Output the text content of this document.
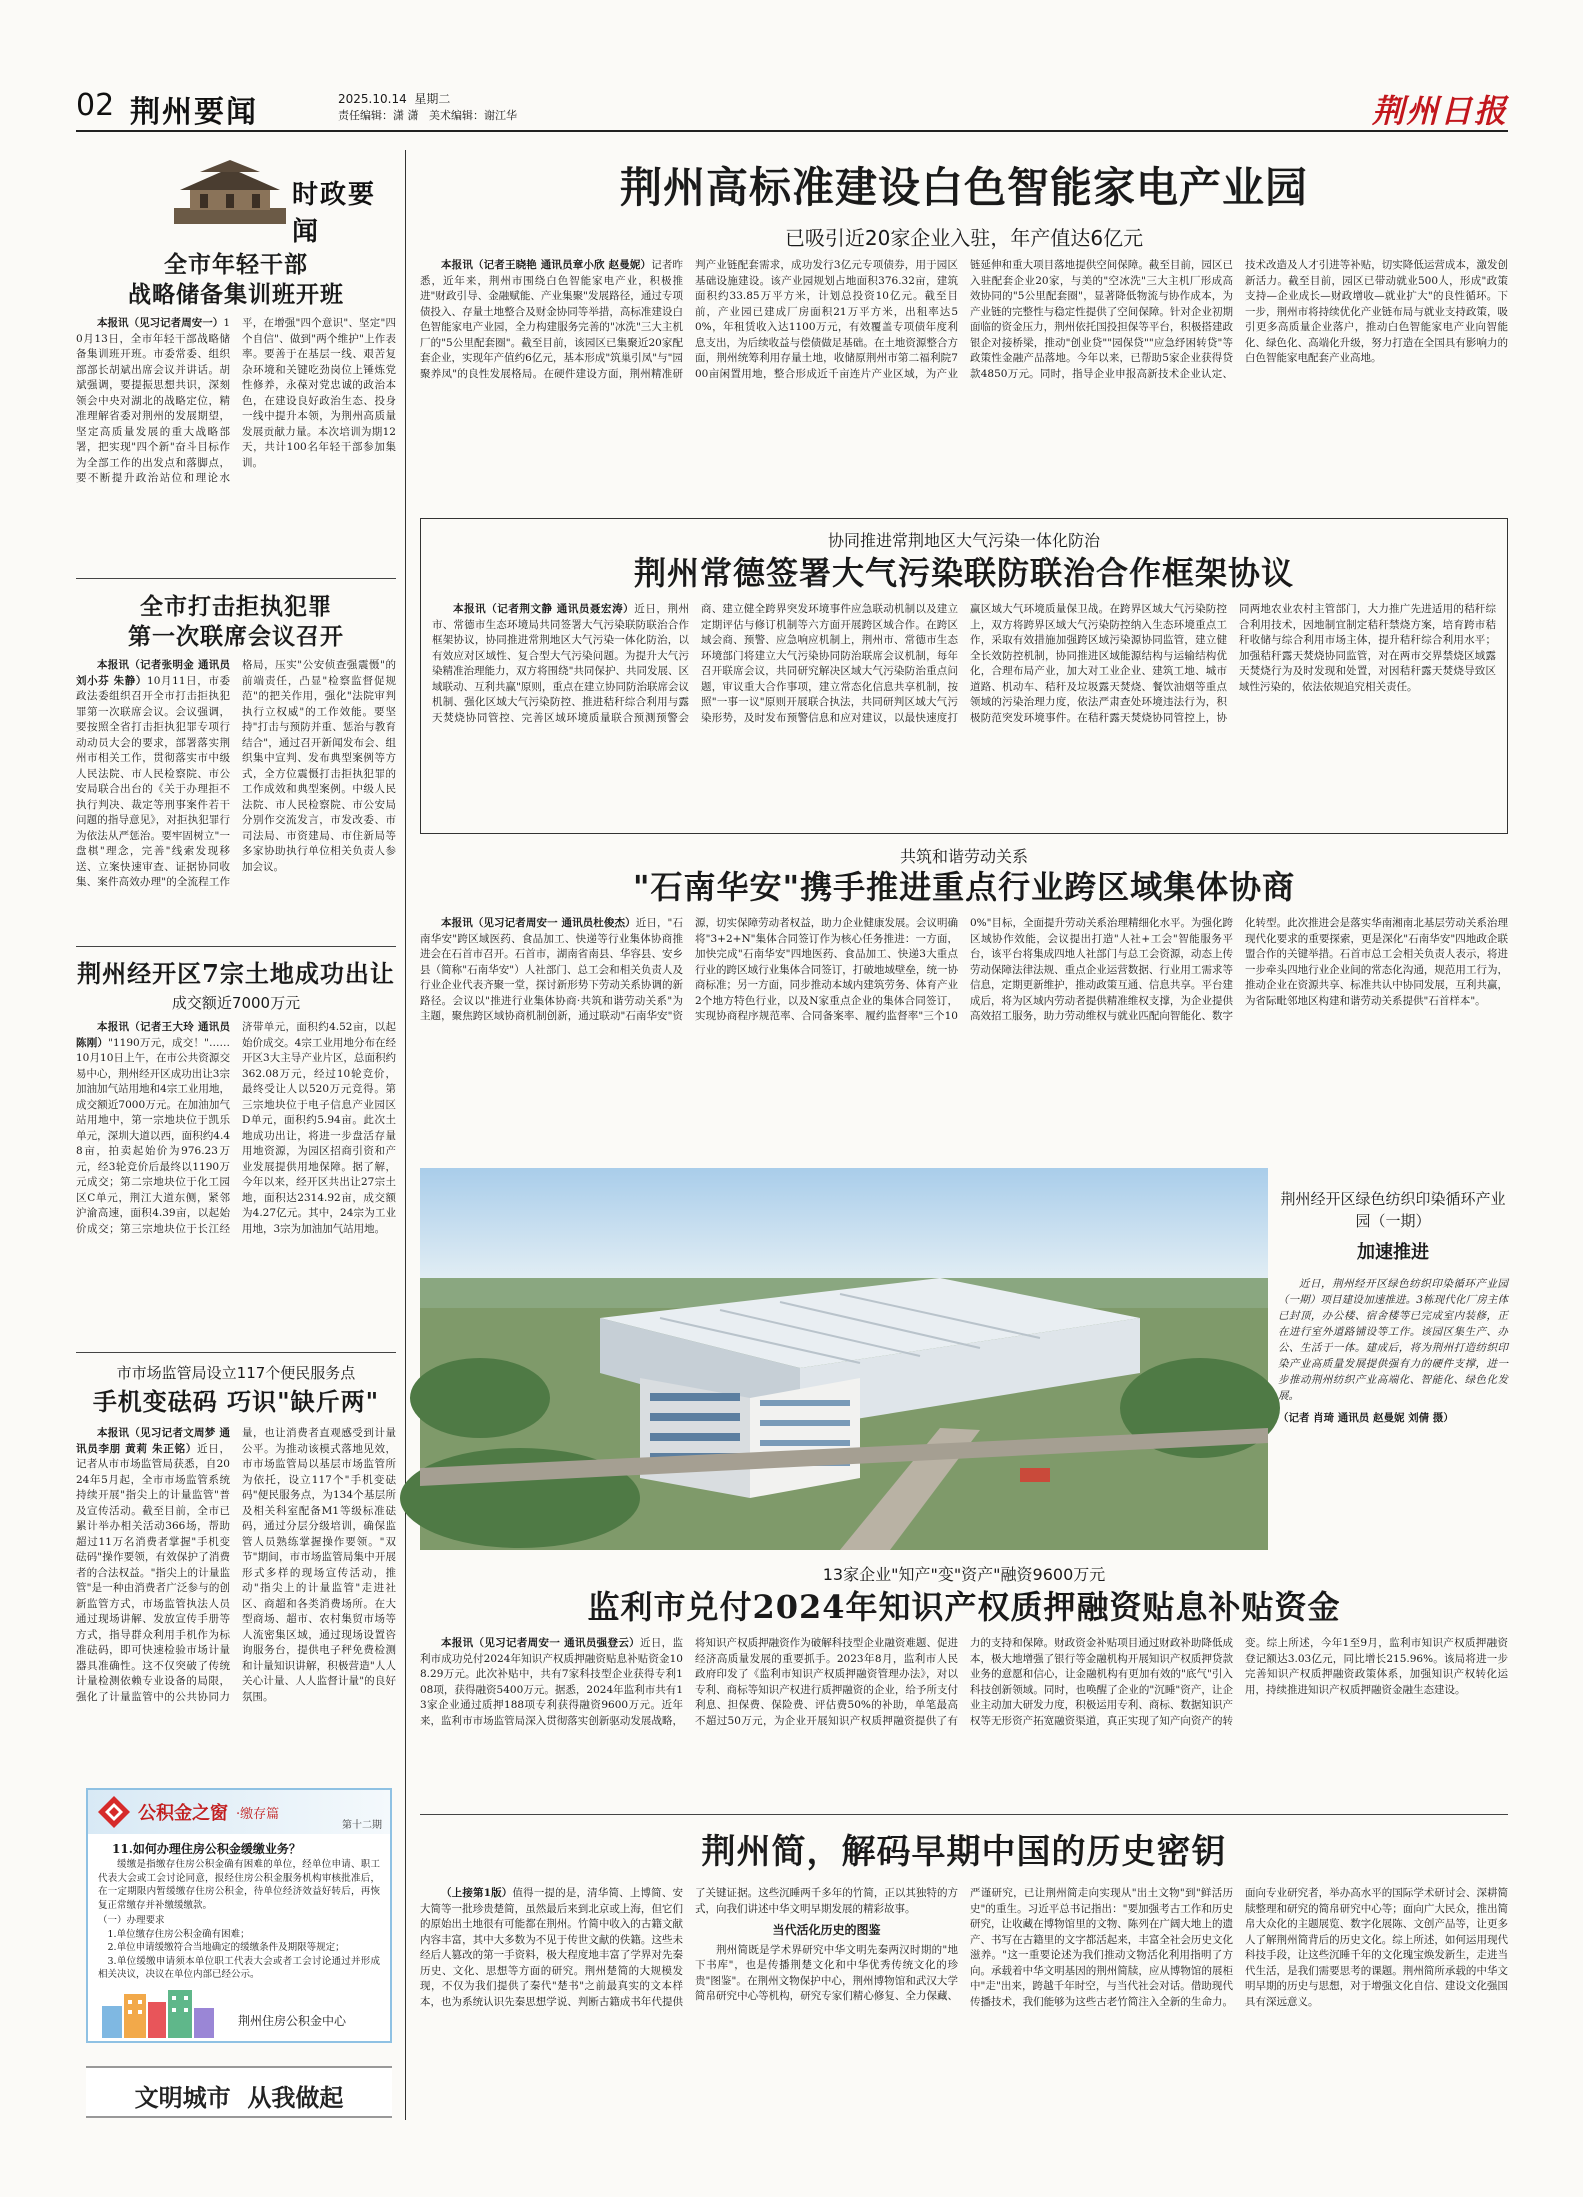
02 荆州要闻	2025.10.14  星期二
责任编辑：潇 潇   美术编辑：谢江华	荆州日报
时政要闻
全市年轻干部
战略储备集训班开班

本报讯（见习记者周安一）10月13日，全市年轻干部战略储备集训班开班。市委常委、组织部部长胡斌出席会议并讲话。胡斌强调，要提振思想共识，深刻领会中央对湖北的战略定位，精准理解省委对荆州的发展期望，坚定高质量发展的重大战略部署，把实现"四个新"奋斗目标作为全部工作的出发点和落脚点，要不断提升政治站位和理论水平，在增强"四个意识"、坚定"四个自信"、做到"两个维护"上作表率。要善于在基层一线、艰苦复杂环境和关键吃劲岗位上锤炼党性修养，永葆对党忠诚的政治本色，在建设良好政治生态、投身一线中提升本领，为荆州高质量发展贡献力量。本次培训为期12天，共计100名年轻干部参加集训。

全市打击拒执犯罪
第一次联席会议召开

本报讯（记者张明金 通讯员刘小芬 朱静）10月11日，市委政法委组织召开全市打击拒执犯罪第一次联席会议。会议强调，要按照全省打击拒执犯罪专项行动动员大会的要求，部署落实荆州市相关工作，贯彻落实市中级人民法院、市人民检察院、市公安局联合出台的《关于办理拒不执行判决、裁定等刑事案件若干问题的指导意见》，对拒执犯罪行为依法从严惩治。要牢固树立"一盘棋"理念，完善"线索发现移送、立案快速审查、证据协同收集、案件高效办理"的全流程工作格局，压实"公安侦查强震慑"的前端责任，凸显"检察监督促规范"的把关作用，强化"法院审判执行立权威"的工作效能。要坚持"打击与预防并重、惩治与教育结合"，通过召开新闻发布会、组织集中宣判、发布典型案例等方式，全方位震慑打击拒执犯罪的工作成效和典型案例。中级人民法院、市人民检察院、市公安局分别作交流发言，市发改委、市司法局、市资建局、市住新局等多家协助执行单位相关负责人参加会议。

荆州经开区7宗土地成功出让
成交额近7000万元

本报讯（记者王大玲 通讯员陈刚）"1190万元，成交！"……10月10日上午，在市公共资源交易中心，荆州经开区成功出让3宗加油加气站用地和4宗工业用地，成交额近7000万元。在加油加气站用地中，第一宗地块位于凯乐单元，深圳大道以西，面积约4.48亩，拍卖起始价为976.23万元，经3轮竞价后最终以1190万元成交；第二宗地块位于化工园区C单元，荆江大道东侧，紧邻沪渝高速，面积4.39亩，以起始价成交；第三宗地块位于长江经济带单元，面积约4.52亩，以起始价成交。4宗工业用地分布在经开区3大主导产业片区，总面积约362.08万元，经过10轮竞价，最终受让人以520万元竞得。第三宗地块位于电子信息产业园区D单元，面积约5.94亩。此次土地成功出让，将进一步盘活存量用地资源，为园区招商引资和产业发展提供用地保障。据了解，今年以来，经开区共出让27宗土地，面积达2314.92亩，成交额为4.27亿元。其中，24宗为工业用地，3宗为加油加气站用地。

市市场监管局设立117个便民服务点
手机变砝码 巧识"缺斤两"

本报讯（见习记者文周梦 通讯员李朋 黄莉 朱正铭）近日，记者从市市场监管局获悉，自2024年5月起，全市市场监管系统持续开展"指尖上的计量监管"普及宣传活动。截至目前，全市已累计举办相关活动366场，帮助超过11万名消费者掌握"手机变砝码"操作要领，有效保护了消费者的合法权益。"指尖上的计量监管"是一种由消费者广泛参与的创新监管方式，市场监管执法人员通过现场讲解、发放宣传手册等方式，指导群众利用手机作为标准砝码，即可快速检验市场计量器具准确性。这不仅突破了传统计量检测依赖专业设备的局限，强化了计量监管中的公共协同力量，也让消费者直观感受到计量公平。为推动该模式落地见效，市市场监管局以基层市场监管所为依托，设立117个"手机变砝码"便民服务点，为134个基层所及相关科室配备M1等级标准砝码，通过分层分级培训，确保监管人员熟练掌握操作要领。"双节"期间，市市场监管局集中开展形式多样的现场宣传活动，推动"指尖上的计量监管"走进社区、商超和各类消费场所。在大型商场、超市、农村集贸市场等人流密集区域，通过现场设置咨询服务台，提供电子秤免费检测和计量知识讲解，积极营造"人人关心计量、人人监督计量"的良好氛围。

公积金之窗 ·缴存篇
第十二期
11.如何办理住房公积金缓缴业务？
缓缴是指缴存住房公积金确有困难的单位，经单位申请、职工代表大会或工会讨论同意，报经住房公积金服务机构审核批准后，在一定期限内暂缓缴存住房公积金，待单位经济效益好转后，再恢复正常缴存并补缴缓缴款。
（一）办理要求
1.单位缴存住房公积金确有困难；
2.单位申请缓缴符合当地确定的缓缴条件及期限等规定；
3.单位缓缴申请须本单位职工代表大会或者工会讨论通过并形成相关决议，决议在单位内部已经公示。
荆州住房公积金中心
文明城市  从我做起
荆州高标准建设白色智能家电产业园
已吸引近20家企业入驻，年产值达6亿元

本报讯（记者王晓艳 通讯员章小欣 赵曼妮）记者昨悉，近年来，荆州市围绕白色智能家电产业，积极推进"财政引导、金融赋能、产业集聚"发展路径，通过专项债投入、存量土地整合及财金协同等举措，高标准建设白色智能家电产业园，全力构建服务完善的"冰洗"三大主机厂的"5公里配套圈"。截至目前，该园区已集聚近20家配套企业，实现年产值约6亿元，基本形成"筑巢引凤"与"园聚养凤"的良性发展格局。在硬件建设方面，荆州精准研判产业链配套需求，成功发行3亿元专项债券，用于园区基础设施建设。该产业园规划占地面积376.32亩，建筑面积约33.85万平方米，计划总投资10亿元。截至目前，产业园已建成厂房面积21万平方米，出租率达50%，年租赁收入达1100万元，有效覆盖专项债年度利息支出，为后续收益与偿债做足基础。在土地资源整合方面，荆州统筹利用存量土地，收储原荆州市第二福利院700亩闲置用地，整合形成近千亩连片产业区域，为产业链延伸和重大项目落地提供空间保障。截至目前，园区已入驻配套企业20家，与美的"空冰洗"三大主机厂形成高效协同的"5公里配套圈"，显著降低物流与协作成本，为产业链的完整性与稳定性提供了空间保障。针对企业初期面临的资金压力，荆州依托国投担保等平台，积极搭建政银企对接桥梁，推动"创业贷""园保贷""应急纾困转贷"等政策性金融产品落地。今年以来，已帮助5家企业获得贷款4850万元。同时，指导企业申报高新技术企业认定、技术改造及人才引进等补贴，切实降低运营成本，激发创新活力。截至目前，园区已带动就业500人，形成"政策支持—企业成长—财政增收—就业扩大"的良性循环。下一步，荆州市将持续优化产业链布局与就业支持政策，吸引更多高质量企业落户，推动白色智能家电产业向智能化、绿色化、高端化升级，努力打造在全国具有影响力的白色智能家电配套产业高地。

协同推进常荆地区大气污染一体化防治
荆州常德签署大气污染联防联治合作框架协议

本报讯（记者荆文静 通讯员聂宏涛）近日，荆州市、常德市生态环境局共同签署大气污染联防联治合作框架协议，协同推进常荆地区大气污染一体化防治，以有效应对区域性、复合型大气污染问题。为提升大气污染精准治理能力，双方将围绕"共同保护、共同发展、区域联动、互利共赢"原则，重点在建立协同防治联席会议机制、强化区域大气污染防控、推进秸秆综合利用与露天焚烧协同管控、完善区域环境质量联合预测预警会商、建立健全跨界突发环境事件应急联动机制以及建立定期评估与修订机制等六方面开展跨区域合作。在跨区域会商、预警、应急响应机制上，荆州市、常德市生态环境部门将建立大气污染协同防治联席会议机制，每年召开联席会议，共同研究解决区域大气污染防治重点问题，审议重大合作事项，建立常态化信息共享机制，按照"一事一议"原则开展联合执法，共同研判区域大气污染形势，及时发布预警信息和应对建议，以最快速度打赢区域大气环境质量保卫战。在跨界区域大气污染防控上，双方将跨界区域大气污染防控纳入生态环境重点工作，采取有效措施加强跨区域污染源协同监管，建立健全长效防控机制，协同推进区域能源结构与运输结构优化，合理布局产业，加大对工业企业、建筑工地、城市道路、机动车、秸秆及垃圾露天焚烧、餐饮油烟等重点领域的污染治理力度，依法严肃查处环境违法行为，积极防范突发环境事件。在秸秆露天焚烧协同管控上，协同两地农业农村主管部门，大力推广先进适用的秸秆综合利用技术，因地制宜制定秸秆禁烧方案，培育跨市秸秆收储与综合利用市场主体，提升秸秆综合利用水平；加强秸秆露天焚烧协同监管，对在两市交界禁烧区域露天焚烧行为及时发现和处置，对因秸秆露天焚烧导致区域性污染的，依法依规追究相关责任。

共筑和谐劳动关系
"石南华安"携手推进重点行业跨区域集体协商

本报讯（见习记者周安一 通讯员杜俊杰）近日，"石南华安"跨区域医药、食品加工、快递等行业集体协商推进会在石首市召开。石首市，湖南省南县、华容县、安乡县（简称"石南华安"）人社部门、总工会和相关负责人及行业企业代表齐聚一堂，探讨新形势下劳动关系协调的新路径。会议以"推进行业集体协商·共筑和谐劳动关系"为主题，聚焦跨区域协商机制创新，通过联动"石南华安"资源，切实保障劳动者权益，助力企业健康发展。会议明确将"3+2+N"集体合同签订作为核心任务推进：一方面，加快完成"石南华安"四地医药、食品加工、快递3大重点行业的跨区域行业集体合同签订，打破地域壁垒，统一协商标准；另一方面，同步推动本域内建筑劳务、体育产业2个地方特色行业，以及N家重点企业的集体合同签订，实现协商程序规范率、合同备案率、履约监督率"三个100%"目标，全面提升劳动关系治理精细化水平。为强化跨区域协作效能，会议提出打造"人社+工会"智能服务平台，该平台将集成四地人社部门与总工会资源，动态上传劳动保障法律法规、重点企业运营数据、行业用工需求等信息，定期更新维护，推动政策互通、信息共享。平台建成后，将为区域内劳动者提供精准维权支撑，为企业提供高效招工服务，助力劳动维权与就业匹配向智能化、数字化转型。此次推进会是落实华南湘南北基层劳动关系治理现代化要求的重要探索，更是深化"石南华安"四地政企联盟合作的关键举措。石首市总工会相关负责人表示，将进一步牵头四地行业企业间的常态化沟通，规范用工行为，推动企业在资源共享、标准共认中协同发展，互利共赢，为省际毗邻地区构建和谐劳动关系提供"石首样本"。

荆州经开区绿色纺织印染循环产业园（一期）
加速推进
近日，荆州经开区绿色纺织印染循环产业园（一期）项目建设加速推进。3栋现代化厂房主体已封顶，办公楼、宿舍楼等已完成室内装修，正在进行室外道路铺设等工作。该园区集生产、办公、生活于一体。建成后，将为荆州打造纺织印染产业高质量发展提供强有力的硬件支撑，进一步推动荆州纺织产业高端化、智能化、绿色化发展。
（记者 肖琦 通讯员 赵曼妮 刘倩 摄）
13家企业"知产"变"资产"融资9600万元
监利市兑付2024年知识产权质押融资贴息补贴资金

本报讯（见习记者周安一 通讯员强登云）近日，监利市成功兑付2024年知识产权质押融资贴息补贴资金108.29万元。此次补贴中，共有7家科技型企业获得专利108项，获得融资5400万元。据悉，2024年监利市共有13家企业通过质押188项专利获得融资9600万元。近年来，监利市市场监管局深入贯彻落实创新驱动发展战略，将知识产权质押融资作为破解科技型企业融资难题、促进经济高质量发展的重要抓手。2023年8月，监利市人民政府印发了《监利市知识产权质押融资管理办法》，对以专利、商标等知识产权进行质押融资的企业，给予所支付利息、担保费、保险费、评估费50%的补助，单笔最高不超过50万元，为企业开展知识产权质押融资提供了有力的支持和保障。财政资金补贴项目通过财政补助降低成本，极大地增强了银行等金融机构开展知识产权质押贷款业务的意愿和信心，让金融机构有更加有效的"底气"引入科技创新领域。同时，也唤醒了企业的"沉睡"资产，让企业主动加大研发力度，积极运用专利、商标、数据知识产权等无形资产拓宽融资渠道，真正实现了知产向资产的转变。综上所述，今年1至9月，监利市知识产权质押融资登记额达3.03亿元，同比增长215.96%。该局将进一步完善知识产权质押融资政策体系，加强知识产权转化运用，持续推进知识产权质押融资金融生态建设。

荆州简，解码早期中国的历史密钥

（上接第1版）值得一提的是，清华简、上博简、安大简等一批珍贵楚简，虽然最后来到北京或上海，但它们的原始出土地很有可能都在荆州。竹简中收入的古籍文献内容丰富，其中大多数为不见于传世文献的佚籍。这些未经后人篡改的第一手资料，极大程度地丰富了学界对先秦历史、文化、思想等方面的研究。荆州楚简的大规模发现，不仅为我们提供了秦代"楚书"之前最真实的文本样本，也为系统认识先秦思想学说、判断古籍成书年代提供了关键证据。这些沉睡两千多年的竹简，正以其独特的方式，向我们讲述中华文明早期发展的精彩故事。

当代活化历史的图鉴

荆州简既是学术界研究中华文明先秦两汉时期的"地下书库"，也是传播荆楚文化和中华优秀传统文化的珍贵"图鉴"。在荆州文物保护中心，荆州博物馆和武汉大学简帛研究中心等机构，研究专家们精心修复、全力保藏、严谨研究，已让荆州简走向实现从"出土文物"到"鲜活历史"的重生。习近平总书记指出："要加强考古工作和历史研究，让收藏在博物馆里的文物、陈列在广阔大地上的遗产、书写在古籍里的文字都活起来，丰富全社会历史文化滋养。"这一重要论述为我们推动文物活化利用指明了方向。承载着中华文明基因的荆州简牍，应从博物馆的展柜中"走"出来，跨越千年时空，与当代社会对话。借助现代传播技术，我们能够为这些古老竹简注入全新的生命力。面向专业研究者，举办高水平的国际学术研讨会、深耕简牍整理和研究的简帛研究中心等；面向广大民众，推出简帛大众化的主题展览、数字化展陈、文创产品等，让更多人了解荆州简背后的历史文化。综上所述，如何运用现代科技手段，让这些沉睡千年的文化瑰宝焕发新生，走进当代生活，是我们需要思考的课题。荆州简所承载的中华文明早期的历史与思想，对于增强文化自信、建设文化强国具有深远意义。
